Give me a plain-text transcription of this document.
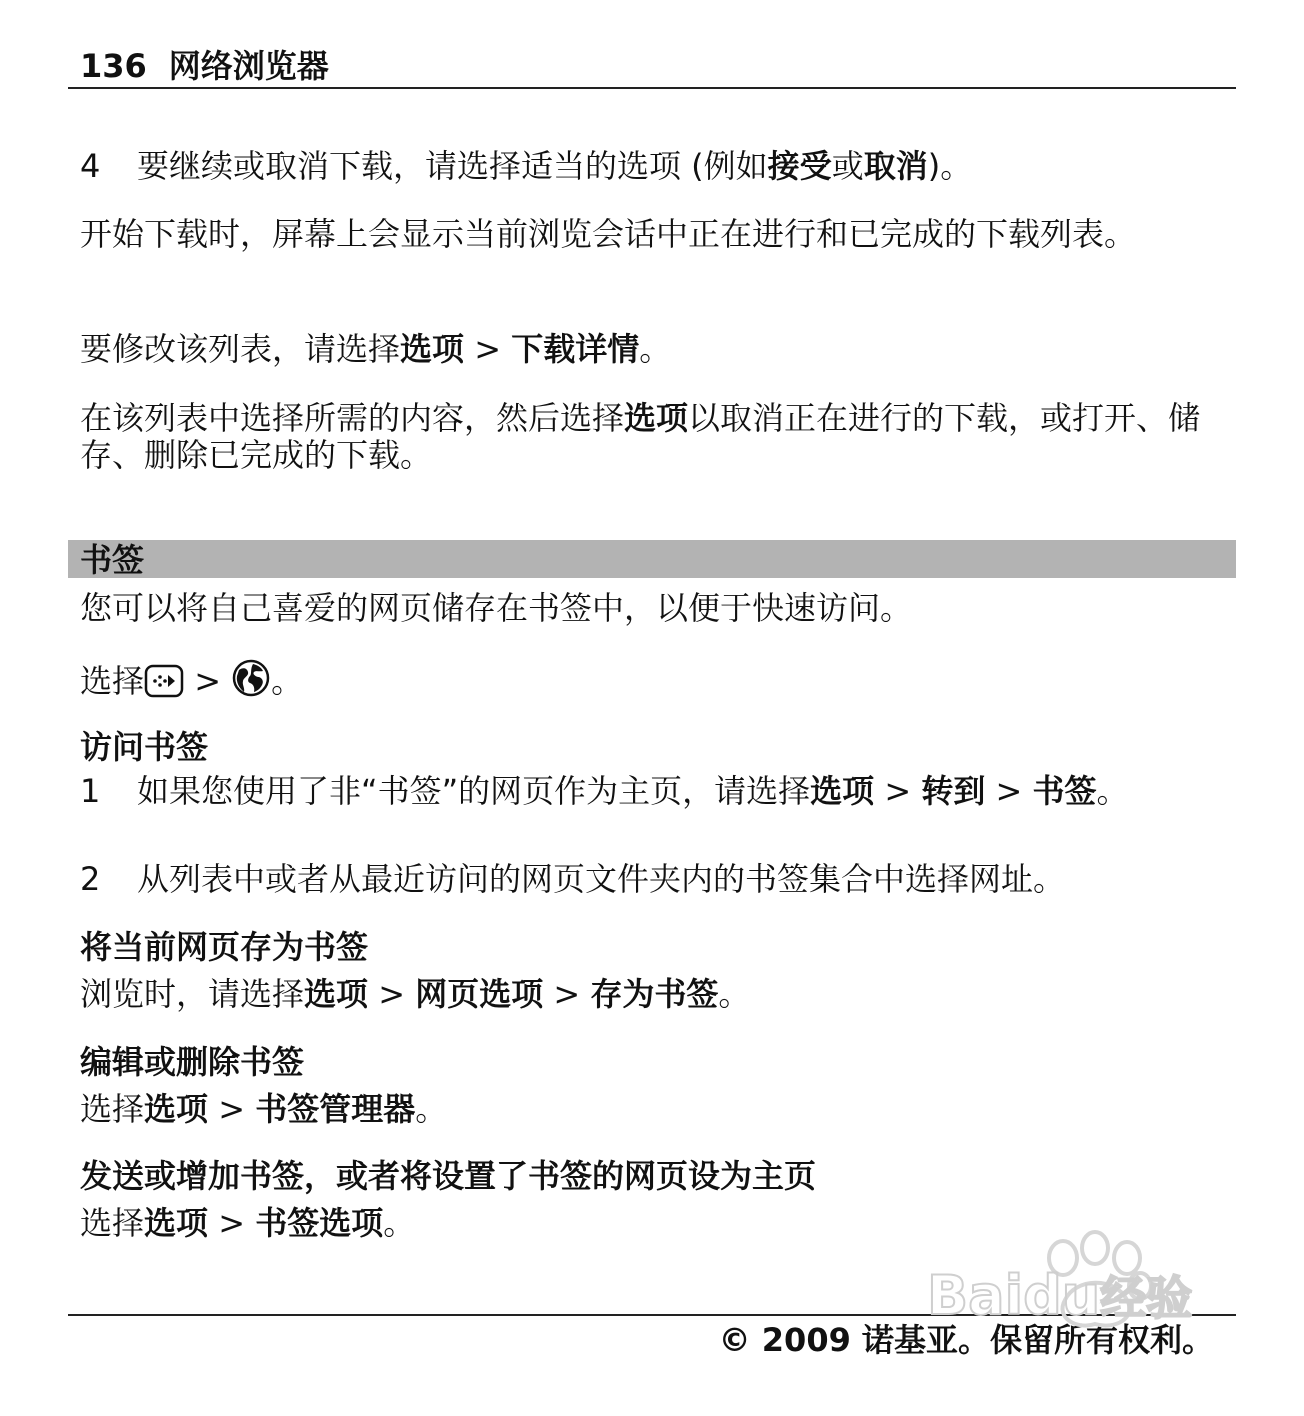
136 网络浏览器
4	要继续或取消下载，请选择适当的选项 (例如接受或取消)。
开始下载时，屏幕上会显示当前浏览会话中正在进行和已完成的下载列表。
要修改该列表，请选择选项 > 下载详情。
在该列表中选择所需的内容，然后选择选项以取消正在进行的下载，或打开、储存、删除已完成的下载。
书签
您可以将自己喜爱的网页储存在书签中，以便于快速访问。
选择 > 。
访问书签
1	如果您使用了非“书签”的网页作为主页，请选择选项 > 转到 > 书签。
2	从列表中或者从最近访问的网页文件夹内的书签集合中选择网址。
将当前网页存为书签
浏览时，请选择选项 > 网页选项 > 存为书签。
编辑或删除书签
选择选项 > 书签管理器。
发送或增加书签，或者将设置了书签的网页设为主页
选择选项 > 书签选项。
© 2009 诺基亚。保留所有权利。
Baidu经验
